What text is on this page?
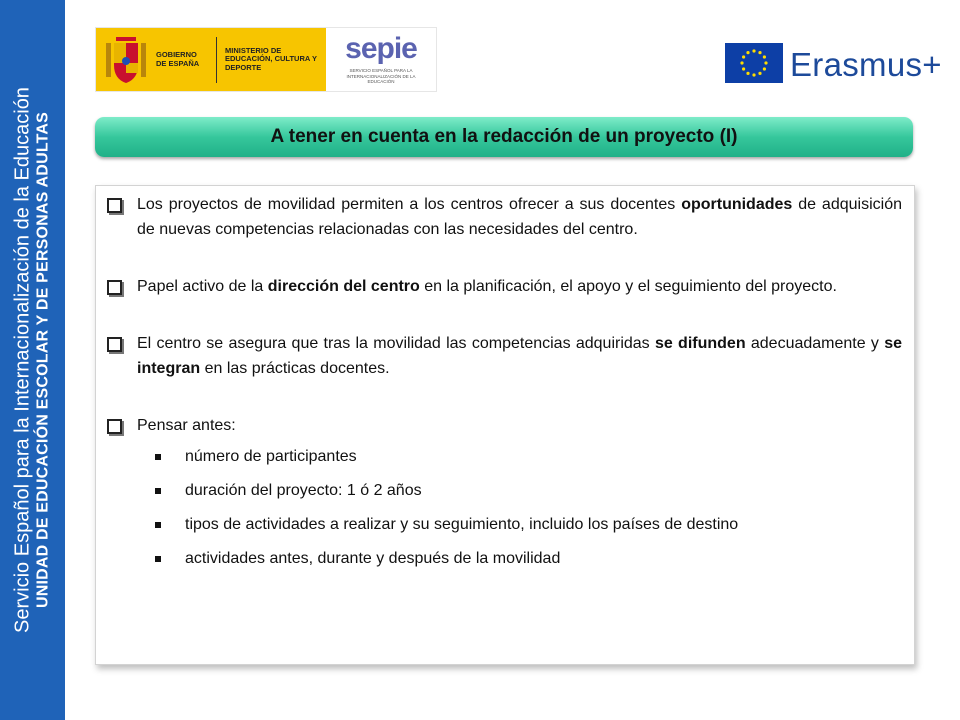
Servicio Español para la Internacionalización de la Educación UNIDAD DE EDUCACIÓN ESCOLAR Y DE PERSONAS ADULTAS
GOBIERNO DE ESPAÑA
MINISTERIO DE EDUCACIÓN, CULTURA Y DEPORTE
sepie
SERVICIO ESPAÑOL PARA LA INTERNACIONALIZACIÓN DE LA EDUCACIÓN	Erasmus+
A tener en cuenta en la redacción de un proyecto (I)
Los proyectos de movilidad permiten a los centros ofrecer a sus docentes oportunidades de adquisición de nuevas competencias relacionadas con las necesidades del centro.
Papel activo de la dirección del centro en la planificación, el apoyo y el seguimiento del proyecto.
El centro se asegura que tras la movilidad las competencias adquiridas se difunden adecuadamente y se integran en las prácticas docentes.
Pensar antes:
número de participantes
duración del proyecto: 1 ó 2 años
tipos de actividades a realizar y su seguimiento, incluido los países de destino
actividades antes, durante y después de la movilidad
